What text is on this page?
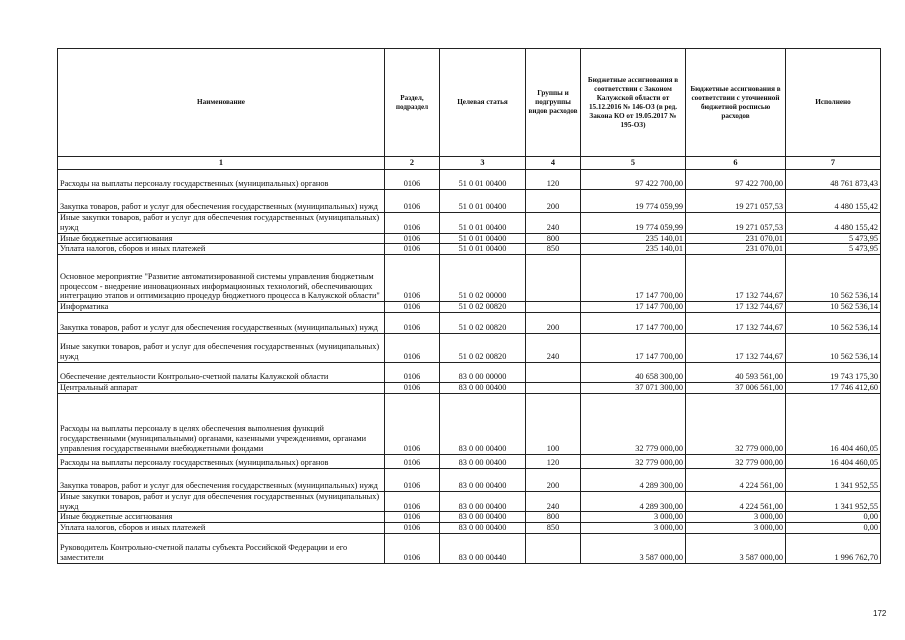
Наименование	Раздел, подраздел	Целевая статья	Группы и подгруппы видов расходов	Бюджетные ассигнования в соответствии с Законом Калужской области от 15.12.2016 № 146-ОЗ (в ред. Закона КО от 19.05.2017 № 195-ОЗ)	Бюджетные ассигнования в соответствии с уточненной бюджетной росписью расходов	Исполнено
1	2	3	4	5	6	7
Расходы на выплаты персоналу государственных (муниципальных) органов	0106	51 0 01 00400	120	97 422 700,00	97 422 700,00	48 761 873,43
Закупка товаров, работ и услуг для обеспечения государственных (муниципальных) нужд	0106	51 0 01 00400	200	19 774 059,99	19 271 057,53	4 480 155,42
Иные закупки товаров, работ и услуг для обеспечения государственных (муниципальных) нужд	0106	51 0 01 00400	240	19 774 059,99	19 271 057,53	4 480 155,42
Иные бюджетные ассигнования	0106	51 0 01 00400	800	235 140,01	231 070,01	5 473,95
Уплата налогов, сборов и иных платежей	0106	51 0 01 00400	850	235 140,01	231 070,01	5 473,95
Основное мероприятие "Развитие автоматизированной системы управления бюджетным процессом - внедрение инновационных информационных технологий, обеспечивающих интеграцию этапов и оптимизацию процедур бюджетного процесса в Калужской области"	0106	51 0 02 00000		17 147 700,00	17 132 744,67	10 562 536,14
Информатика	0106	51 0 02 00820		17 147 700,00	17 132 744,67	10 562 536,14
Закупка товаров, работ и услуг для обеспечения государственных (муниципальных) нужд	0106	51 0 02 00820	200	17 147 700,00	17 132 744,67	10 562 536,14
Иные закупки товаров, работ и услуг для обеспечения государственных (муниципальных) нужд	0106	51 0 02 00820	240	17 147 700,00	17 132 744,67	10 562 536,14
Обеспечение деятельности Контрольно-счетной палаты Калужской области	0106	83 0 00 00000		40 658 300,00	40 593 561,00	19 743 175,30
Центральный аппарат	0106	83 0 00 00400		37 071 300,00	37 006 561,00	17 746 412,60
Расходы на выплаты персоналу в целях обеспечения выполнения функций государственными (муниципальными) органами, казенными учреждениями, органами управления государственными внебюджетными фондами	0106	83 0 00 00400	100	32 779 000,00	32 779 000,00	16 404 460,05
Расходы на выплаты персоналу государственных (муниципальных) органов	0106	83 0 00 00400	120	32 779 000,00	32 779 000,00	16 404 460,05
Закупка товаров, работ и услуг для обеспечения государственных (муниципальных) нужд	0106	83 0 00 00400	200	4 289 300,00	4 224 561,00	1 341 952,55
Иные закупки товаров, работ и услуг для обеспечения государственных (муниципальных) нужд	0106	83 0 00 00400	240	4 289 300,00	4 224 561,00	1 341 952,55
Иные бюджетные ассигнования	0106	83 0 00 00400	800	3 000,00	3 000,00	0,00
Уплата налогов, сборов и иных платежей	0106	83 0 00 00400	850	3 000,00	3 000,00	0,00
Руководитель Контрольно-счетной палаты субъекта Российской Федерации и его заместители	0106	83 0 00 00440		3 587 000,00	3 587 000,00	1 996 762,70
172
